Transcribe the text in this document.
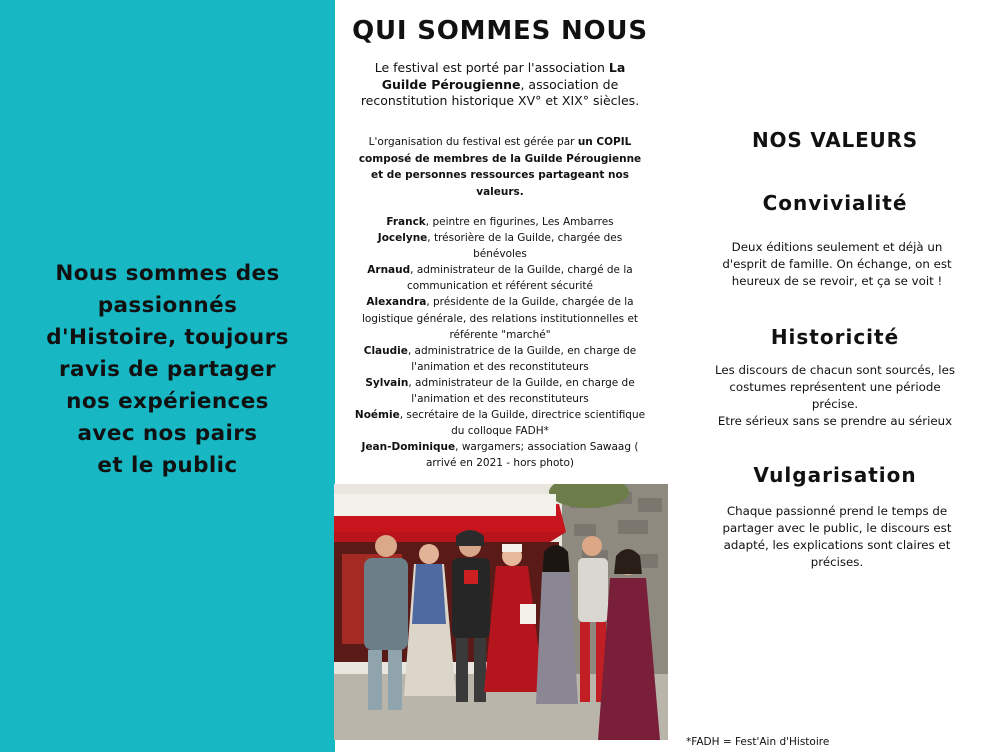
Nous sommes des
passionnés
d'Histoire, toujours
ravis de partager
nos expériences
avec nos pairs
et le public

QUI SOMMES NOUS

Le festival est porté par l'association La Guilde Pérougienne, association de reconstitution historique XV° et XIX° siècles.

L'organisation du festival est gérée par un COPIL composé de membres de la Guilde Pérougienne et de personnes ressources partageant nos valeurs.

Franck, peintre en figurines, Les Ambarres
Jocelyne, trésorière de la Guilde, chargée des bénévoles
Arnaud, administrateur de la Guilde, chargé de la communication et référent sécurité
Alexandra, présidente de la Guilde, chargée de la logistique générale, des relations institutionnelles et référente "marché"
Claudie, administratrice de la Guilde, en charge de l'animation et des reconstituteurs
Sylvain, administrateur de la Guilde, en charge de l'animation et des reconstituteurs
Noémie, secrétaire de la Guilde, directrice scientifique du colloque FADH*
Jean-Dominique, wargamers; association Sawaag ( arrivé en 2021 - hors photo)

*FADH = Fest'Ain d'Histoire

NOS VALEURS
Convivialité

Deux éditions seulement et déjà un
d'esprit de famille. On échange, on est
heureux de se revoir, et ça se voit !

Historicité

Les discours de chacun sont sourcés, les
costumes représentent une période
précise.
Etre sérieux sans se prendre au sérieux

Vulgarisation

Chaque passionné prend le temps de
partager avec le public, le discours est
adapté, les explications sont claires et
précises.
